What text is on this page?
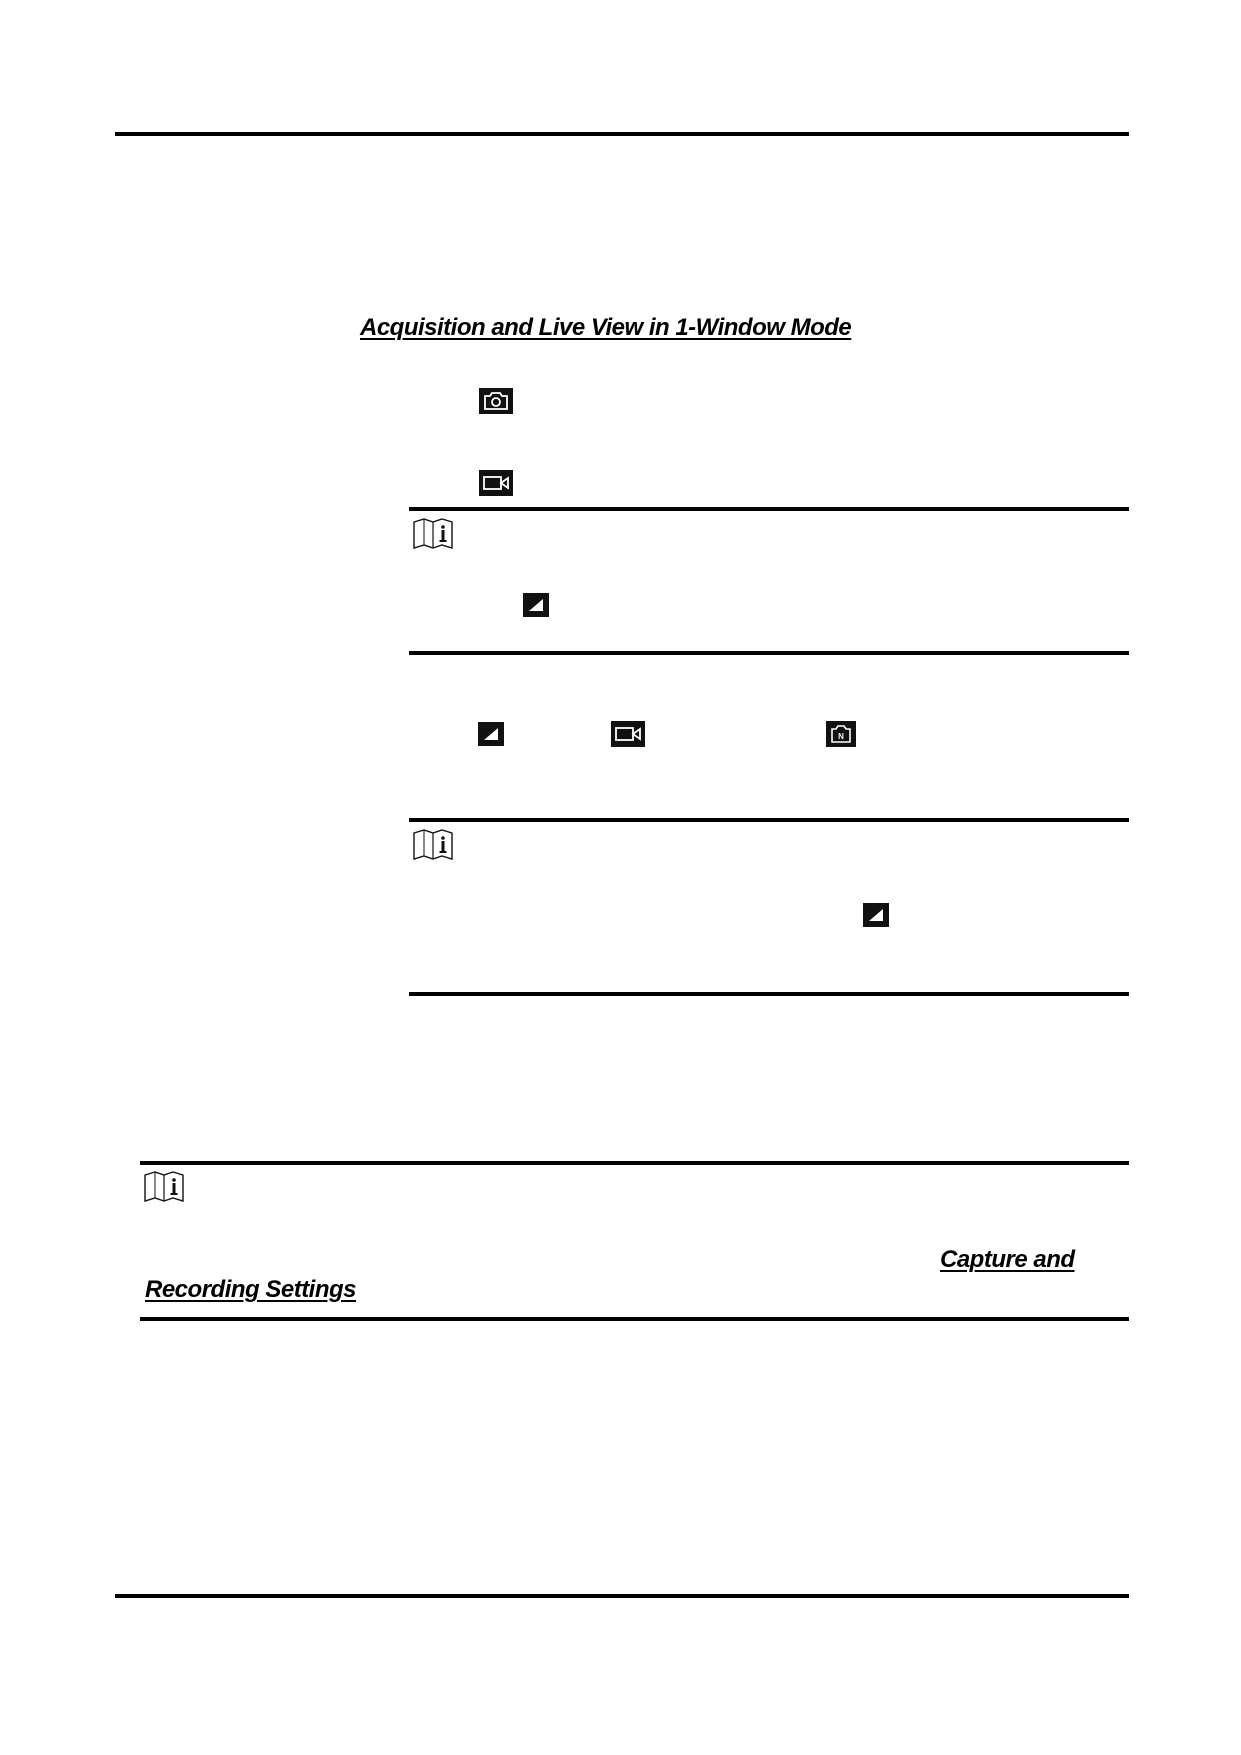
Acquisition and Live View in 1-Window Mode
N
Capture and
Recording Settings
